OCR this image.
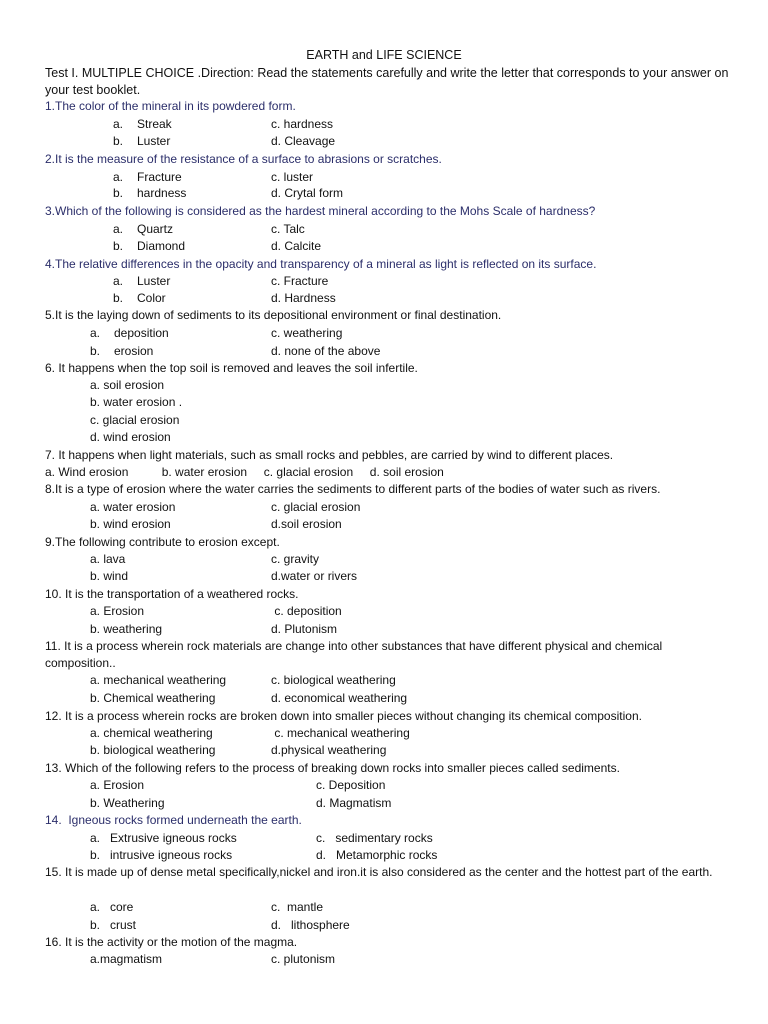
EARTH and LIFE SCIENCE
Test I. MULTIPLE CHOICE .Direction: Read the statements carefully and write the letter that corresponds to your answer on your test booklet.
1.The color of the mineral in its powdered form.
a. Streak	c. hardness
b. Luster	d. Cleavage
2.It is the measure of the resistance of a surface to abrasions or scratches.
a. Fracture	c. luster
b. hardness	d. Crytal form
3.Which of the following is considered as the hardest mineral according to the Mohs Scale of hardness?
a. Quartz	c. Talc
b. Diamond	d. Calcite
4.The relative differences in the opacity and transparency of a mineral as light is reflected on its surface.
a. Luster	c. Fracture
b. Color	d. Hardness
5.It is the laying down of sediments to its depositional environment or final destination.
a. deposition	c. weathering
b. erosion	d. none of the above
6. It happens when the top soil is removed and leaves the soil infertile.
a. soil erosion
b. water erosion .
c. glacial erosion
d. wind erosion
7. It happens when light materials, such as small rocks and pebbles, are carried by wind to different places.
a. Wind erosion          b. water erosion     c. glacial erosion     d. soil erosion
8.It is a type of erosion where the water carries the sediments to different parts of the bodies of water such as rivers.
a. water erosion	c. glacial erosion
b. wind erosion	d.soil erosion
9.The following contribute to erosion except.
a. lava	c. gravity
b. wind	d.water or rivers
10. It is the transportation of a weathered rocks.
a. Erosion	c. deposition
b. weathering	d. Plutonism
11. It is a process wherein rock materials are change into other substances that have different physical and chemical composition..
a. mechanical weathering	c. biological weathering
b. Chemical weathering	d. economical weathering
12. It is a process wherein rocks are broken down into smaller pieces without changing its chemical composition.
a. chemical weathering	c. mechanical weathering
b. biological weathering	d.physical weathering
13. Which of the following refers to the process of breaking down rocks into smaller pieces called sediments.
a. Erosion	c. Deposition
b. Weathering	d. Magmatism
14.  Igneous rocks formed underneath the earth.
a.   Extrusive igneous rocks	c.   sedimentary rocks
b.   intrusive igneous rocks	d.   Metamorphic rocks
15. It is made up of dense metal specifically,nickel and iron.it is also considered as the center and the hottest part of the earth.
a.   core	c.  mantle
b.   crust	d.   lithosphere
16. It is the activity or the motion of the magma.
a.magmatism	c. plutonism
